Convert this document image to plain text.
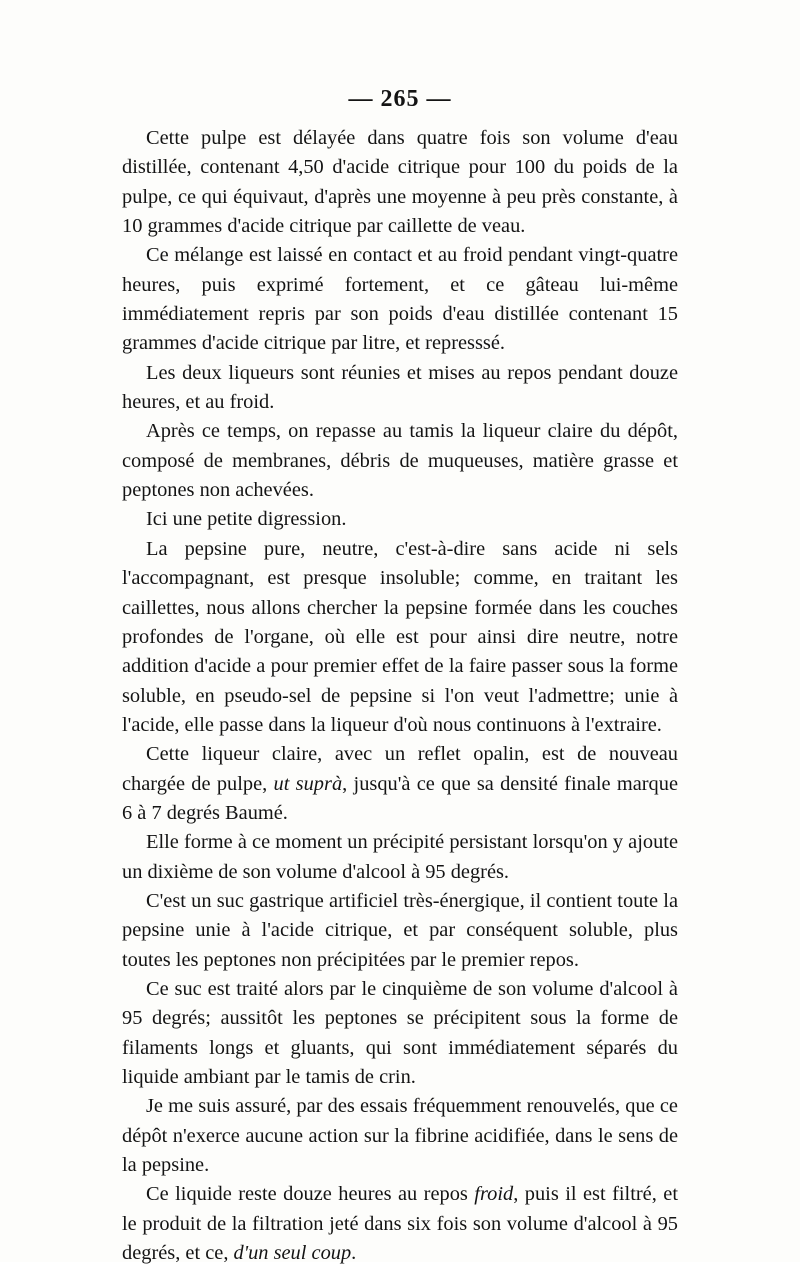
— 265 —

Cette pulpe est délayée dans quatre fois son volume d'eau distillée, contenant 4,50 d'acide citrique pour 100 du poids de la pulpe, ce qui équivaut, d'après une moyenne à peu près constante, à 10 grammes d'acide citrique par caillette de veau.

Ce mélange est laissé en contact et au froid pendant vingt-quatre heures, puis exprimé fortement, et ce gâteau lui-même immédiatement repris par son poids d'eau distillée contenant 15 grammes d'acide citrique par litre, et represssé.

Les deux liqueurs sont réunies et mises au repos pendant douze heures, et au froid.

Après ce temps, on repasse au tamis la liqueur claire du dépôt, composé de membranes, débris de muqueuses, matière grasse et peptones non achevées.

Ici une petite digression.

La pepsine pure, neutre, c'est-à-dire sans acide ni sels l'accompagnant, est presque insoluble; comme, en traitant les caillettes, nous allons chercher la pepsine formée dans les couches profondes de l'organe, où elle est pour ainsi dire neutre, notre addition d'acide a pour premier effet de la faire passer sous la forme soluble, en pseudo-sel de pepsine si l'on veut l'admettre; unie à l'acide, elle passe dans la liqueur d'où nous continuons à l'extraire.

Cette liqueur claire, avec un reflet opalin, est de nouveau chargée de pulpe, ut suprà, jusqu'à ce que sa densité finale marque 6 à 7 degrés Baumé.

Elle forme à ce moment un précipité persistant lorsqu'on y ajoute un dixième de son volume d'alcool à 95 degrés.

C'est un suc gastrique artificiel très-énergique, il contient toute la pepsine unie à l'acide citrique, et par conséquent soluble, plus toutes les peptones non précipitées par le premier repos.

Ce suc est traité alors par le cinquième de son volume d'alcool à 95 degrés; aussitôt les peptones se précipitent sous la forme de filaments longs et gluants, qui sont immédiatement séparés du liquide ambiant par le tamis de crin.

Je me suis assuré, par des essais fréquemment renouvelés, que ce dépôt n'exerce aucune action sur la fibrine acidifiée, dans le sens de la pepsine.

Ce liquide reste douze heures au repos froid, puis il est filtré, et le produit de la filtration jeté dans six fois son volume d'alcool à 95 degrés, et ce, d'un seul coup.
